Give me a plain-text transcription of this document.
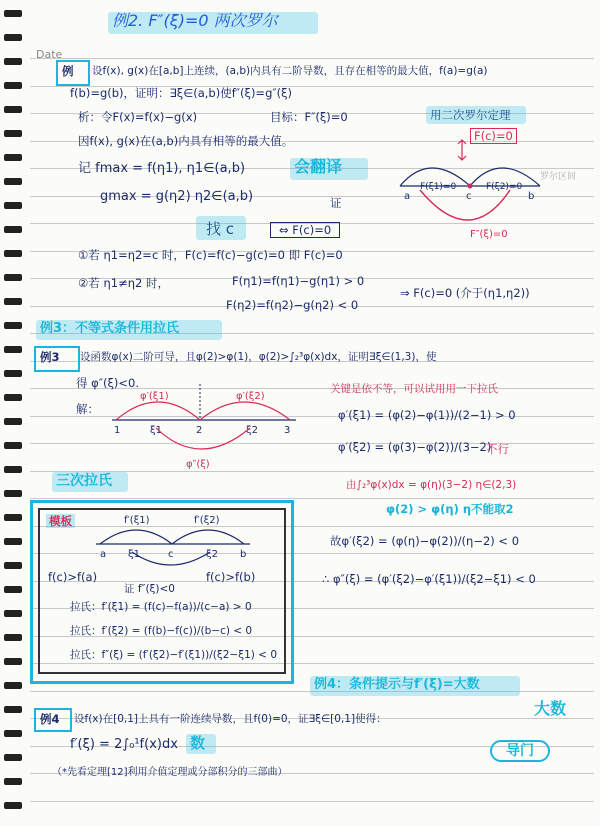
Date
例2. F″(ξ)=0 两次罗尔
例 设f(x), g(x)在[a,b]上连续，(a,b)内具有二阶导数，且存在相等的最大值，f(a)=g(a)
f(b)=g(b)，证明：∃ξ∈(a,b)使f″(ξ)=g″(ξ)
析：令F(x)=f(x)−g(x)	目标：F″(ξ)=0	用二次罗尔定理
F(c)=0
因f(x), g(x)在(a,b)内具有相等的最大值。
记 fmax = f(η1), η1∈(a,b)
gmax = g(η2) η2∈(a,b)	证
会翻译
找 c	⇔ F(c)=0
①若 η1=η2=c 时，F(c)=f(c)−g(c)=0 即 F(c)=0
②若 η1≠η2 时，	F(η1)=f(η1)−g(η1) > 0
F(η2)=f(η2)−g(η2) < 0
⇒ F(c)=0 (介于(η1,η2))
a
F(ξ1)=0
c
F(ξ2)=0
b
F″(ξ)=0
罗尔区间
例3：不等式条件用拉氏
例3 设函数φ(x)二阶可导，且φ(2)>φ(1)，φ(2)>∫₂³φ(x)dx，证明∃ξ∈(1,3)，使
得 φ″(ξ)<0.
解：
1	ξ1	2	ξ2	3
φ′(ξ1)	φ′(ξ2)
φ″(ξ)
关键是依不等，可以试用用一下拉氏
φ′(ξ1) = (φ(2)−φ(1))/(2−1) > 0
φ′(ξ2) = (φ(3)−φ(2))/(3−2)
不行
由∫₂³φ(x)dx = φ(η)(3−2) η∈(2,3)
φ(2) > φ(η) η不能取2
故φ′(ξ2) = (φ(η)−φ(2))/(η−2) < 0
∴ φ″(ξ) = (φ′(ξ2)−φ′(ξ1))/(ξ2−ξ1) < 0
三次拉氏
模板	f′(ξ1)	f′(ξ2)
a ξ1	c	ξ2 b
f(c)>f(a)	f(c)>f(b)
证 f″(ξ)<0
拉氏：f′(ξ1) = (f(c)−f(a))/(c−a) > 0
拉氏：f′(ξ2) = (f(b)−f(c))/(b−c) < 0
拉氏：f″(ξ) = (f′(ξ2)−f′(ξ1))/(ξ2−ξ1) < 0
例4：条件提示与f′(ξ)=大数
大数
例4 设f(x)在[0,1]上具有一阶连续导数，且f(0)=0，证∃ξ∈[0,1]使得：
f′(ξ) = 2∫₀¹f(x)dx 数	导门
（*先看定理[12]利用介值定理或分部积分的三部曲）
